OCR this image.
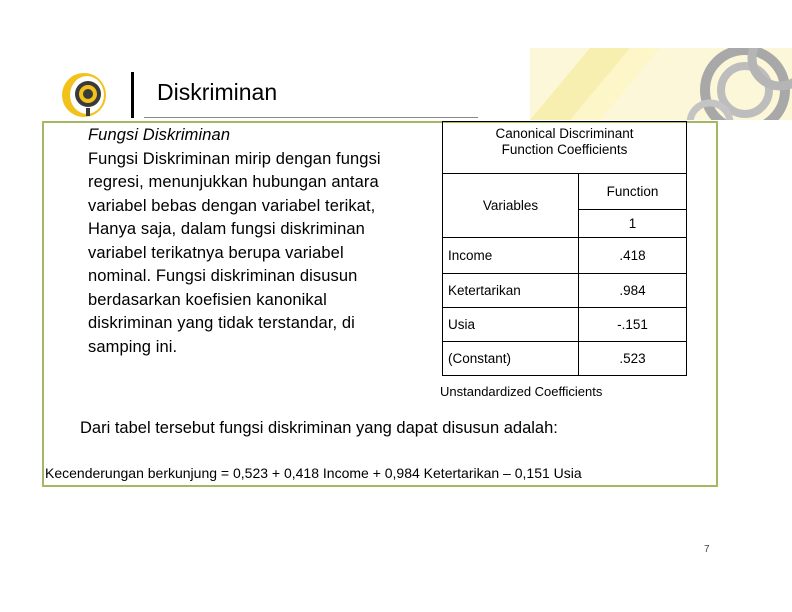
Diskriminan
Fungsi Diskriminan
Fungsi Diskriminan mirip dengan fungsi
regresi, menunjukkan hubungan antara
variabel bebas dengan variabel terikat,
Hanya saja, dalam fungsi diskriminan
variabel terikatnya berupa variabel
nominal. Fungsi diskriminan disusun
berdasarkan koefisien kanonikal
diskriminan yang tidak terstandar, di
samping ini.
Canonical Discriminant
Function Coefficients	

Variables	Function
	1
Income	.418
Ketertarikan	.984
Usia	-.151
(Constant)	.523
Unstandardized Coefficients
Dari tabel tersebut fungsi diskriminan yang dapat disusun adalah:
Kecenderungan berkunjung = 0,523 + 0,418 Income + 0,984 Ketertarikan – 0,151 Usia
7
